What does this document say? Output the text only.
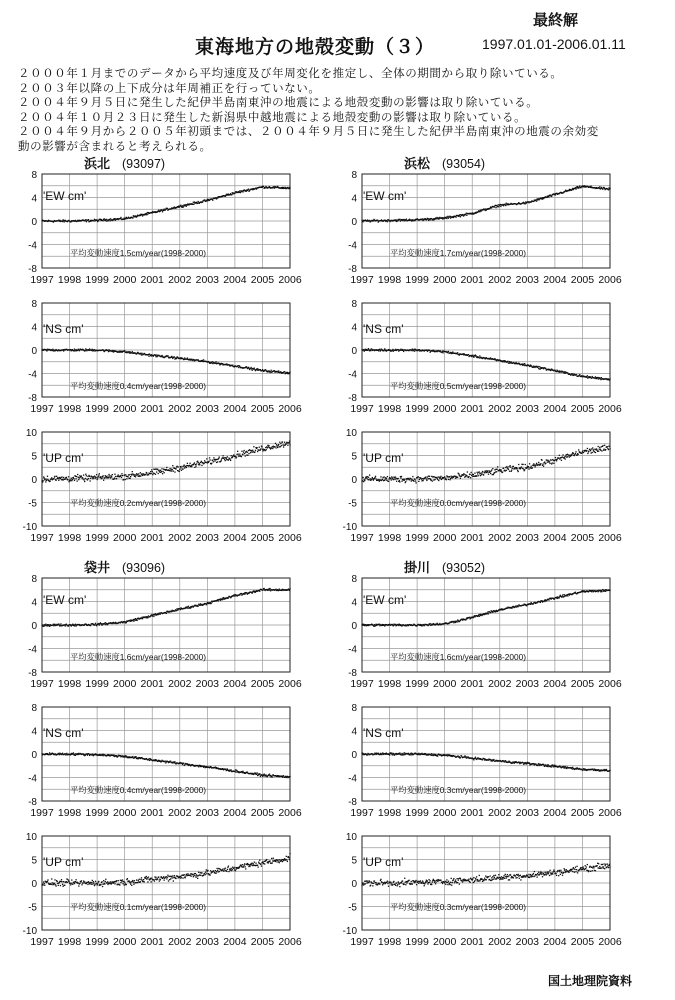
最終解
東海地方の地殻変動（３）	1997.01.01-2006.01.11
２０００年１月までのデータから平均速度及び年周変化を推定し、全体の期間から取り除いている。
２００３年以降の上下成分は年周補正を行っていない。
２００４年９月５日に発生した紀伊半島南東沖の地震による地殻変動の影響は取り除いている。
２００４年１０月２３日に発生した新潟県中越地震による地殻変動の影響は取り除いている。
２００４年９月から２００５年初頭までは、２００４年９月５日に発生した紀伊半島南東沖の地震の余効変
動の影響が含まれると考えられる。
8
4
0
-4
-8
1997 1998 1999 2000 2001 2002 2003 2004 2005 2006
'EW cm'
平均変動速度1.5cm/year(1998-2000)
浜北 (93097)
8
4
0
-4
-8
1997 1998 1999 2000 2001 2002 2003 2004 2005 2006
'EW cm'
平均変動速度1.7cm/year(1998-2000)
浜松 (93054)
8
4
0
-4
-8
1997 1998 1999 2000 2001 2002 2003 2004 2005 2006
'NS cm'
平均変動速度0.4cm/year(1998-2000)
8
4
0
-4
-8
1997 1998 1999 2000 2001 2002 2003 2004 2005 2006
'NS cm'
平均変動速度0.5cm/year(1998-2000)
10
5
0
-5
-10
1997 1998 1999 2000 2001 2002 2003 2004 2005 2006
'UP cm'
平均変動速度0.2cm/year(1998-2000)
10
5
0
-5
-10
1997 1998 1999 2000 2001 2002 2003 2004 2005 2006
'UP cm'
平均変動速度0.0cm/year(1998-2000)
8
4
0
-4
-8
1997 1998 1999 2000 2001 2002 2003 2004 2005 2006
'EW cm'
平均変動速度1.6cm/year(1998-2000)
袋井 (93096)
8
4
0
-4
-8
1997 1998 1999 2000 2001 2002 2003 2004 2005 2006
'EW cm'
平均変動速度1.6cm/year(1998-2000)
掛川 (93052)
8
4
0
-4
-8
1997 1998 1999 2000 2001 2002 2003 2004 2005 2006
'NS cm'
平均変動速度0.4cm/year(1998-2000)
8
4
0
-4
-8
1997 1998 1999 2000 2001 2002 2003 2004 2005 2006
'NS cm'
平均変動速度0.3cm/year(1998-2000)
10
5
0
-5
-10
1997 1998 1999 2000 2001 2002 2003 2004 2005 2006
'UP cm'
平均変動速度0.1cm/year(1998-2000)
10
5
0
-5
-10
1997 1998 1999 2000 2001 2002 2003 2004 2005 2006
'UP cm'
平均変動速度0.3cm/year(1998-2000)
国土地理院資料
